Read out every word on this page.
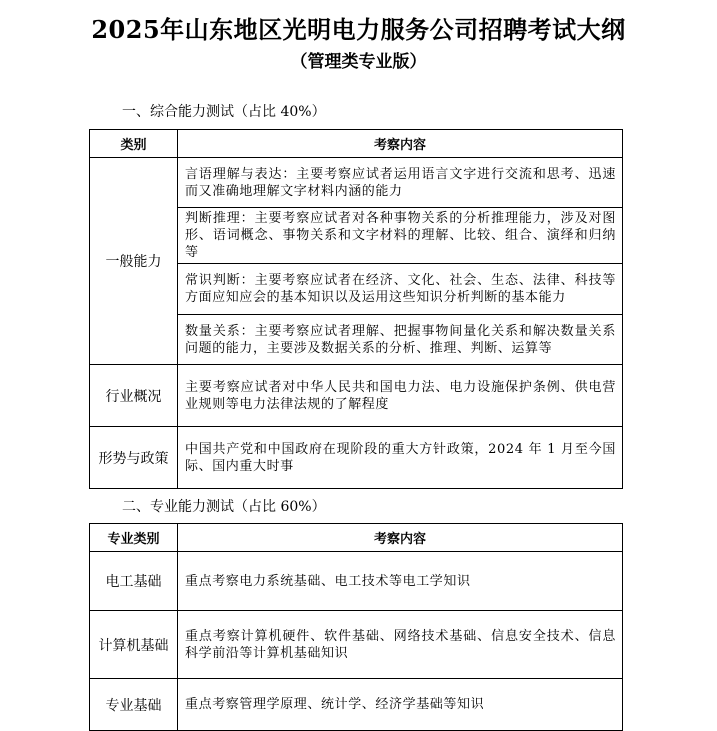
2025年山东地区光明电力服务公司招聘考试大纲
（管理类专业版）
一、综合能力测试（占比 40%）
类别	考察内容
一般能力	言语理解与表达：主要考察应试者运用语言文字进行交流和思考、迅速而又准确地理解文字材料内涵的能力
	判断推理：主要考察应试者对各种事物关系的分析推理能力，涉及对图形、语词概念、事物关系和文字材料的理解、比较、组合、演绎和归纳等
	常识判断：主要考察应试者在经济、文化、社会、生态、法律、科技等方面应知应会的基本知识以及运用这些知识分析判断的基本能力
	数量关系：主要考察应试者理解、把握事物间量化关系和解决数量关系问题的能力，主要涉及数据关系的分析、推理、判断、运算等
行业概况	主要考察应试者对中华人民共和国电力法、电力设施保护条例、供电营业规则等电力法律法规的了解程度
形势与政策	中国共产党和中国政府在现阶段的重大方针政策，2024 年 1 月至今国际、国内重大时事
二、专业能力测试（占比 60%）
专业类别	考察内容
电工基础	重点考察电力系统基础、电工技术等电工学知识
计算机基础	重点考察计算机硬件、软件基础、网络技术基础、信息安全技术、信息科学前沿等计算机基础知识
专业基础	重点考察管理学原理、统计学、经济学基础等知识
